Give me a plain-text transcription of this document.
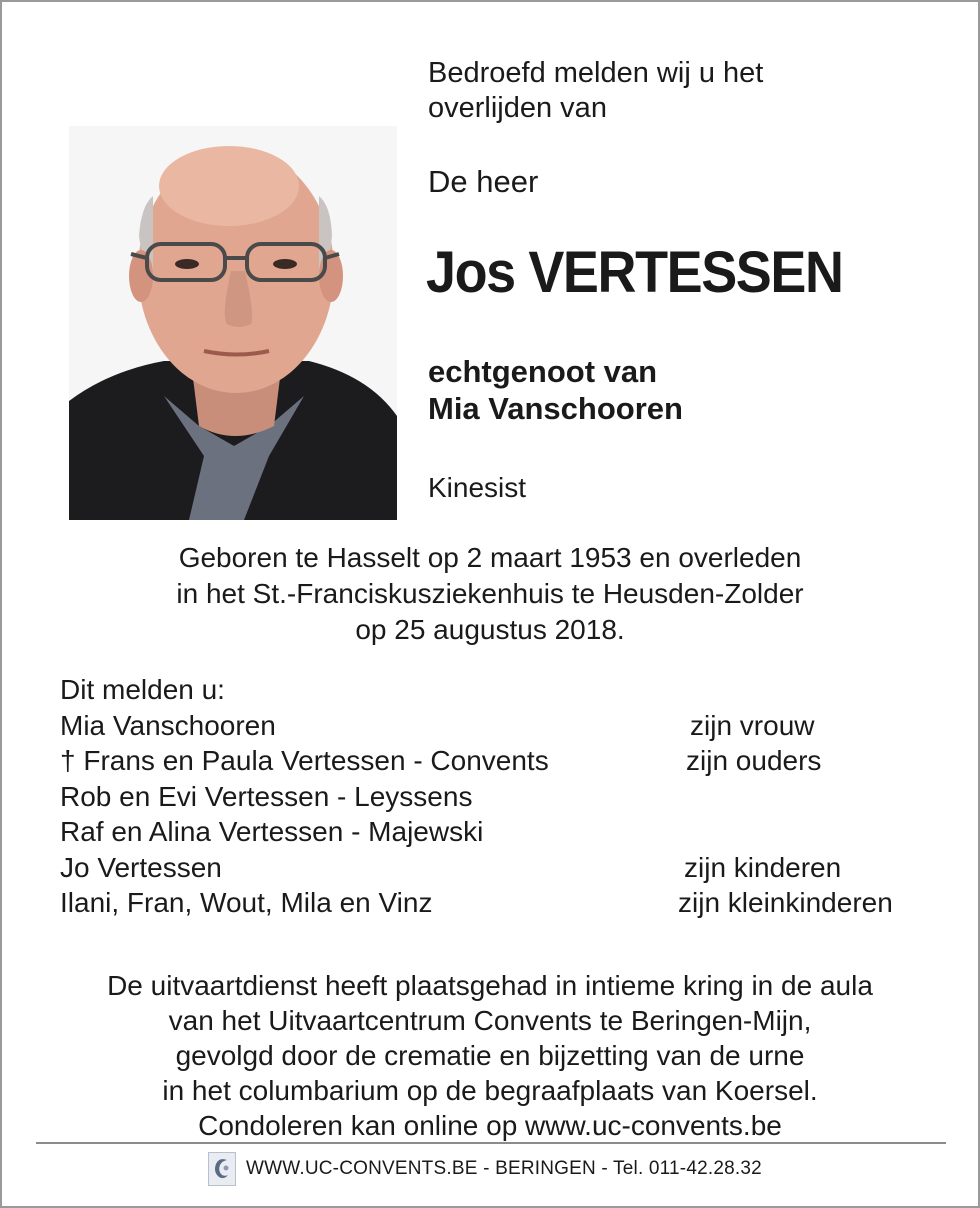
Bedroefd melden wij u het
overlijden van
De heer
Jos VERTESSEN
echtgenoot van
Mia Vanschooren
Kinesist
Geboren te Hasselt op 2 maart 1953 en overleden
in het St.-Franciskusziekenhuis te Heusden-Zolder
op 25 augustus 2018.
Dit melden u:
Mia Vanschooren	zijn vrouw
† Frans en Paula Vertessen - Convents	zijn ouders
Rob en Evi Vertessen - Leyssens
Raf en Alina Vertessen - Majewski
Jo Vertessen	zijn kinderen
Ilani, Fran, Wout, Mila en Vinz	zijn kleinkinderen
De uitvaartdienst heeft plaatsgehad in intieme kring in de aula
van het Uitvaartcentrum Convents te Beringen-Mijn,
gevolgd door de crematie en bijzetting van de urne
in het columbarium op de begraafplaats van Koersel.
Condoleren kan online op www.uc-convents.be
WWW.UC-CONVENTS.BE - BERINGEN - Tel. 011-42.28.32
